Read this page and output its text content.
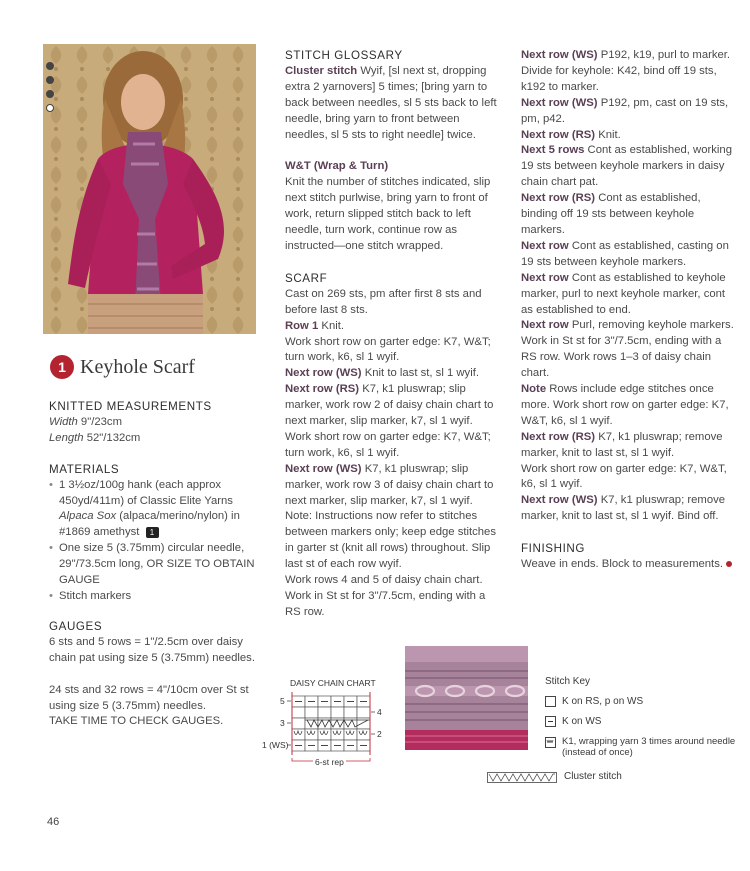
1 Keyhole Scarf

KNITTED MEASUREMENTS

Width 9"/23cm

Length 52"/132cm

MATERIALS

• 1 3½oz/100g hank (each approx 450yd/411m) of Classic Elite Yarns Alpaca Sox (alpaca/merino/nylon) in #1869 amethyst 1
• One size 5 (3.75mm) circular needle, 29"/73.5cm long, OR SIZE TO OBTAIN GAUGE
• Stitch markers

GAUGES

6 sts and 5 rows = 1"/2.5cm over daisy chain pat using size 5 (3.75mm) needles.

24 sts and 32 rows = 4"/10cm over St st using size 5 (3.75mm) needles.

TAKE TIME TO CHECK GAUGES.

STITCH GLOSSARY

Cluster stitch Wyif, [sl next st, dropping extra 2 yarnovers] 5 times; [bring yarn to back between needles, sl 5 sts back to left needle, bring yarn to front between needles, sl 5 sts to right needle] twice.

W&T (Wrap & Turn)

Knit the number of stitches indicated, slip next stitch purlwise, bring yarn to front of work, return slipped stitch back to left needle, turn work, continue row as instructed—one stitch wrapped.

SCARF

Cast on 269 sts, pm after first 8 sts and before last 8 sts.

Row 1 Knit.

Work short row on garter edge: K7, W&T; turn work, k6, sl 1 wyif.

Next row (WS) Knit to last st, sl 1 wyif.

Next row (RS) K7, k1 pluswrap; slip marker, work row 2 of daisy chain chart to next marker, slip marker, k7, sl 1 wyif.

Work short row on garter edge: K7, W&T; turn work, k6, sl 1 wyif.

Next row (WS) K7, k1 pluswrap; slip marker, work row 3 of daisy chain chart to next marker, slip marker, k7, sl 1 wyif.

Note: Instructions now refer to stitches between markers only; keep edge stitches in garter st (knit all rows) throughout. Slip last st of each row wyif.

Work rows 4 and 5 of daisy chain chart. Work in St st for 3"/7.5cm, ending with a RS row.

Next row (WS) P192, k19, purl to marker.

Divide for keyhole: K42, bind off 19 sts, k192 to marker.

Next row (WS) P192, pm, cast on 19 sts, pm, p42.

Next row (RS) Knit.

Next 5 rows Cont as established, working 19 sts between keyhole markers in daisy chain chart pat.

Next row (RS) Cont as established, binding off 19 sts between keyhole markers.

Next row Cont as established, casting on 19 sts between keyhole markers.

Next row Cont as established to keyhole marker, purl to next keyhole marker, cont as established to end.

Next row Purl, removing keyhole markers. Work in St st for 3"/7.5cm, ending with a RS row. Work rows 1–3 of daisy chain chart.

Note Rows include edge stitches once more. Work short row on garter edge: K7, W&T, k6, sl 1 wyif.

Next row (RS) K7, k1 pluswrap; remove marker, knit to last st, sl 1 wyif.

Work short row on garter edge: K7, W&T, k6, sl 1 wyif.

Next row (WS) K7, k1 pluswrap; remove marker, knit to last st, sl 1 wyif. Bind off.

FINISHING

Weave in ends. Block to measurements.

DAISY CHAIN CHART
5
3
1 (WS)
4
2
6-st rep
Stitch Key
K on RS, p on WS
K on WS
K1, wrapping yarn 3 times around needle (instead of once)
Cluster stitch
46
